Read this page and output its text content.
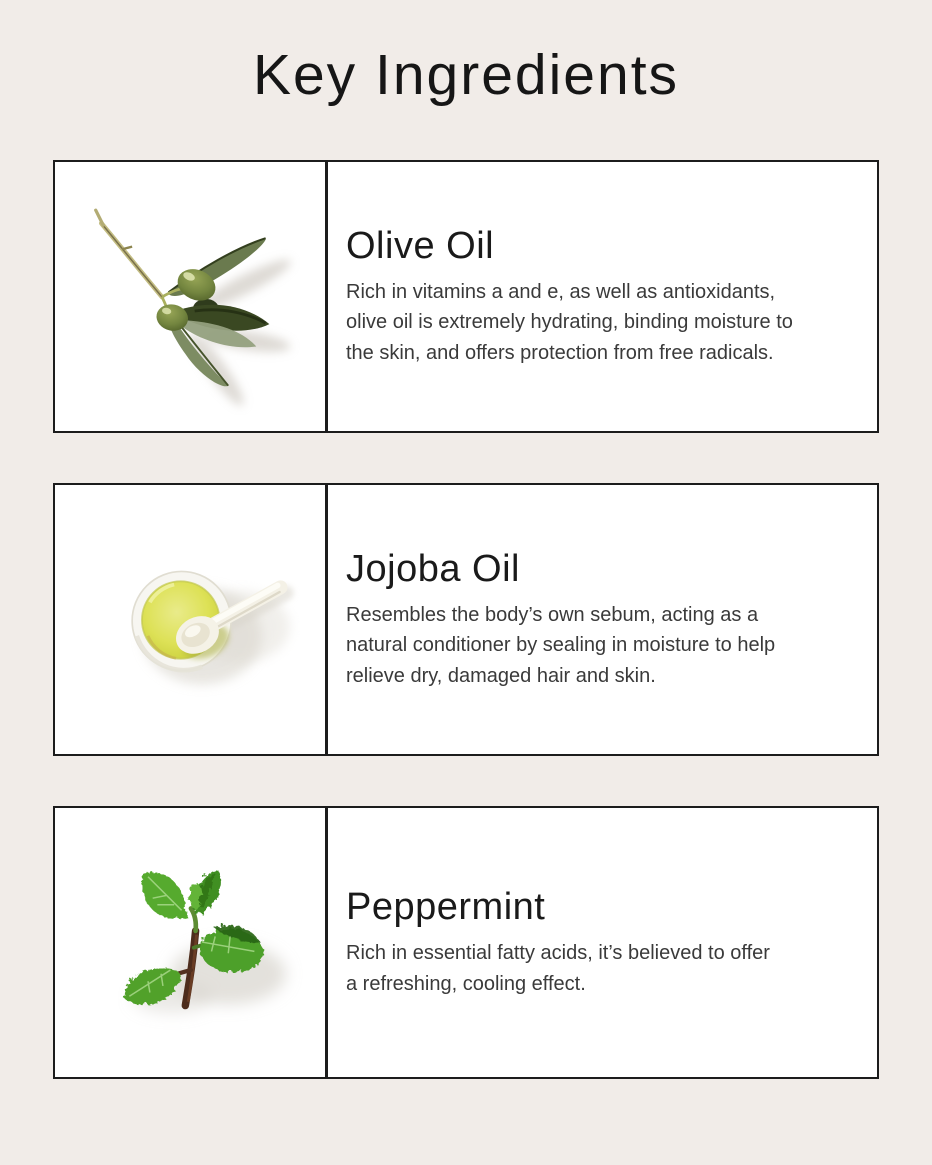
Key Ingredients
Olive Oil

Rich in vitamins a and e, as well as antioxidants,
olive oil is extremely hydrating, binding moisture to
the skin, and offers protection from free radicals.

Jojoba Oil

Resembles the body’s own sebum, acting as a
natural conditioner by sealing in moisture to help
relieve dry, damaged hair and skin.

Peppermint

Rich in essential fatty acids, it’s believed to offer
a refreshing, cooling effect.
